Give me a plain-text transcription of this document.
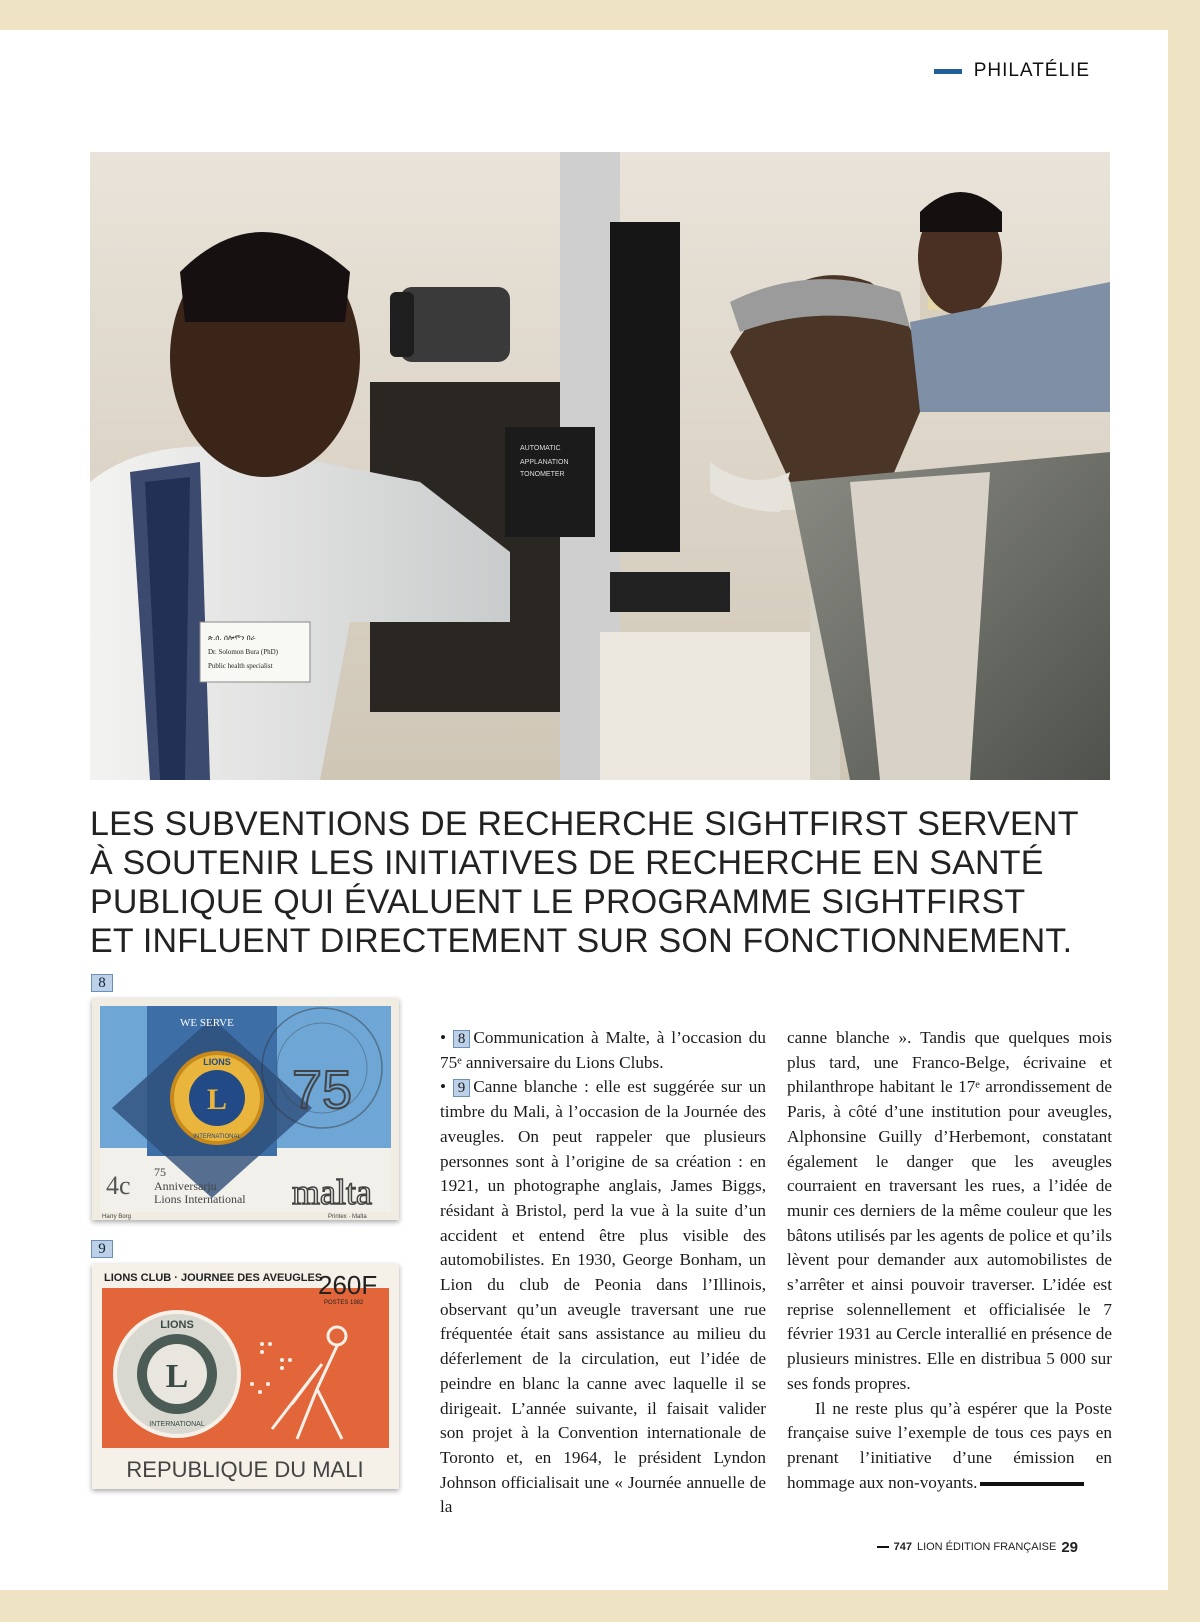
PHILATÉLIE
AUTOMATIC
APPLANATION
TONOMETER
ጽ.ሰ. ሰሎሞን በራ
Dr. Solomon Bura (PhD)
Public health specialist
LES SUBVENTIONS DE RECHERCHE SIGHTFIRST SERVENT
À SOUTENIR LES INITIATIVES DE RECHERCHE EN SANTÉ
PUBLIQUE QUI ÉVALUENT LE PROGRAMME SIGHTFIRST
ET INFLUENT DIRECTEMENT SUR SON FONCTIONNEMENT.
8
WE SERVE
L
LIONS
INTERNATIONAL
75
4c 75
Anniversarju
Lions International malta
Harry Borg	Printex · Malta
9
LIONS CLUB · JOURNEE DES AVEUGLES
260F
POSTES 1982
L
LIONS
INTERNATIONAL
REPUBLIQUE DU MALI

• 8 Communication à Malte, à l’occasion du 75ᵉ anniversaire du Lions Clubs.

• 9 Canne blanche : elle est suggérée sur un timbre du Mali, à l’occasion de la Journée des aveugles. On peut rappeler que plusieurs personnes sont à l’origine de sa création : en 1921, un photographe anglais, James Biggs, résidant à Bristol, perd la vue à la suite d’un accident et entend être plus visible des automobilistes. En 1930, George Bonham, un Lion du club de Peonia dans l’Illinois, observant qu’un aveugle traversant une rue fréquentée était sans assistance au milieu du déferlement de la circulation, eut l’idée de peindre en blanc la canne avec laquelle il se dirigeait. L’année suivante, il faisait valider son projet à la Convention internationale de Toronto et, en 1964, le président Lyndon Johnson officialisait une « Journée annuelle de la

canne blanche ». Tandis que quelques mois plus tard, une Franco-Belge, écrivaine et philanthrope habitant le 17ᵉ arrondissement de Paris, à côté d’une institution pour aveugles, Alphonsine Guilly d’Herbemont, constatant également le danger que les aveugles courraient en traversant les rues, a l’idée de munir ces derniers de la même couleur que les bâtons utilisés par les agents de police et qu’ils lèvent pour demander aux automobilistes de s’arrêter et ainsi pouvoir traverser. L’idée est reprise solennellement et officialisée le 7 février 1931 au Cercle interallié en présence de plusieurs ministres. Elle en distribua 5 000 sur ses fonds propres.

Il ne reste plus qu’à espérer que la Poste française suive l’exemple de tous ces pays en prenant l’initiative d’une émission en hommage aux non-voyants.

747 LION ÉDITION FRANÇAISE 29
